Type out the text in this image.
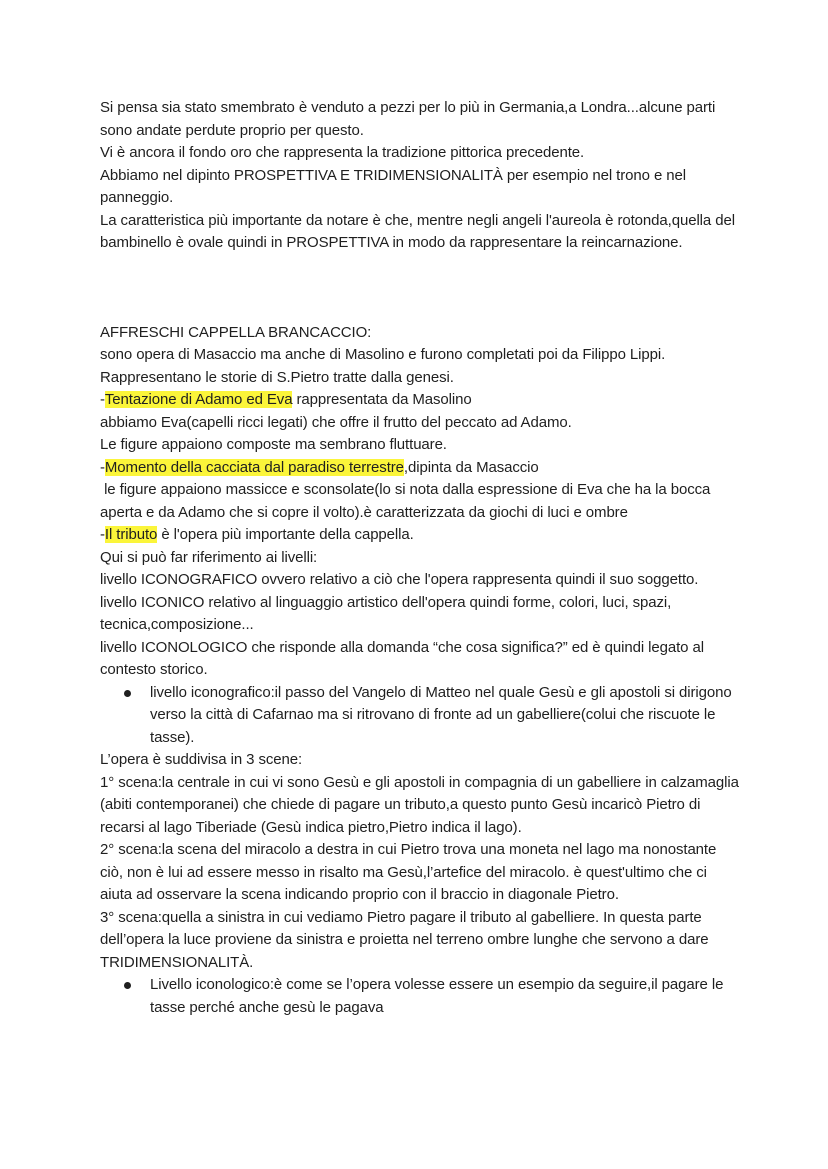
Si pensa sia stato smembrato è venduto a pezzi per lo più in Germania,a Londra...alcune parti sono andate perdute proprio per questo.

Vi è ancora il fondo oro che rappresenta la tradizione pittorica precedente.

Abbiamo nel dipinto PROSPETTIVA E TRIDIMENSIONALITÀ per esempio nel trono e nel panneggio.

La caratteristica più importante da notare è che, mentre negli angeli l'aureola è rotonda,quella del bambinello è ovale quindi in PROSPETTIVA in modo da rappresentare la reincarnazione.

AFFRESCHI CAPPELLA BRANCACCIO:

sono opera di Masaccio ma anche di Masolino e furono completati poi da Filippo Lippi.

Rappresentano le storie di S.Pietro tratte dalla genesi.

-Tentazione di Adamo ed Eva rappresentata da Masolino

abbiamo Eva(capelli ricci legati) che offre il frutto del peccato ad Adamo.

Le figure appaiono composte ma sembrano fluttuare.

-Momento della cacciata dal paradiso terrestre,dipinta da Masaccio

le figure appaiono massicce e sconsolate(lo si nota dalla espressione di Eva che ha la bocca aperta e da Adamo che si copre il volto).è caratterizzata da giochi di luci e ombre

-Il tributo è l'opera più importante della cappella.

Qui si può far riferimento ai livelli:

livello ICONOGRAFICO ovvero relativo a ciò che l'opera rappresenta quindi il suo soggetto.

livello ICONICO relativo al linguaggio artistico dell'opera quindi forme, colori, luci, spazi, tecnica,composizione...

livello ICONOLOGICO che risponde alla domanda “che cosa significa?” ed è quindi legato al contesto storico.

livello iconografico:il passo del Vangelo di Matteo nel quale Gesù e gli apostoli si dirigono verso la città di Cafarnao ma si ritrovano di fronte ad un gabelliere(colui che riscuote le tasse).

L’opera è suddivisa in 3 scene:

1° scena:la centrale in cui vi sono Gesù e gli apostoli in compagnia di un gabelliere in calzamaglia (abiti contemporanei) che chiede di pagare un tributo,a questo punto Gesù incaricò Pietro di recarsi al lago Tiberiade (Gesù indica pietro,Pietro indica il lago).

2° scena:la scena del miracolo a destra in cui Pietro trova una moneta nel lago ma nonostante ciò, non è lui ad essere messo in risalto ma Gesù,l’artefice del miracolo. è quest'ultimo che ci aiuta ad osservare la scena indicando proprio con il braccio in diagonale Pietro.

3° scena:quella a sinistra in cui vediamo Pietro pagare il tributo al gabelliere. In questa parte dell’opera la luce proviene da sinistra e proietta nel terreno ombre lunghe che servono a dare TRIDIMENSIONALITÀ.

Livello iconologico:è come se l’opera volesse essere un esempio da seguire,il pagare le tasse perché anche gesù le pagava
